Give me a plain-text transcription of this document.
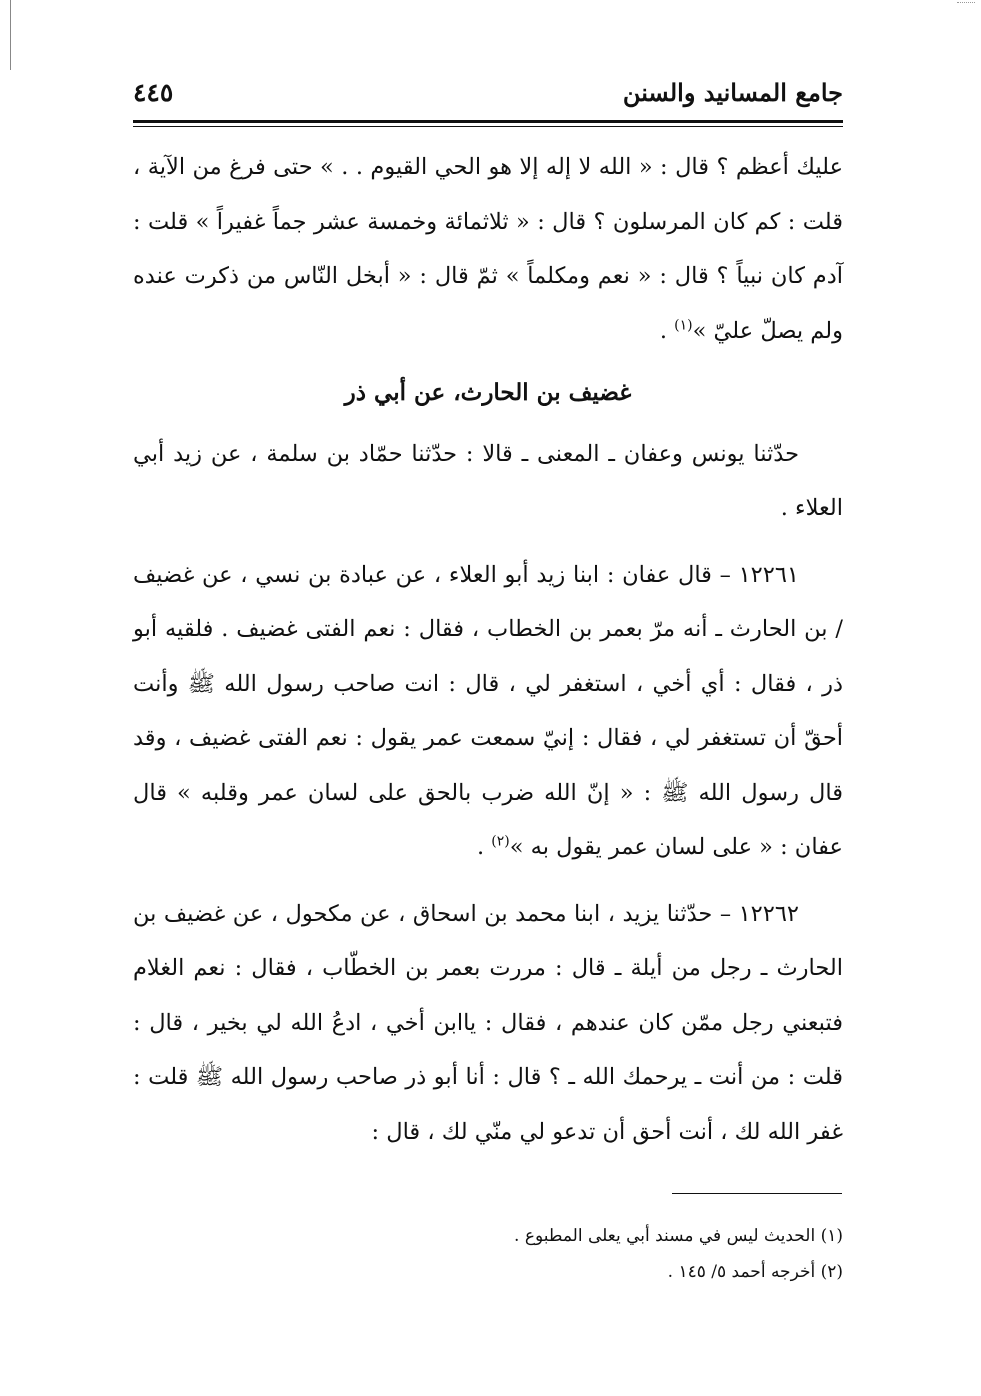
جامع المسانيد والسنن
٤٤٥

عليك أعظم ؟ قال : « الله لا إله إلا هو الحي القيوم . . » حتى فرغ من الآية ، قلت : كم كان المرسلون ؟ قال : « ثلاثمائة وخمسة عشر جماً غفيراً » قلت : آدم كان نبياً ؟ قال : « نعم ومكلماً » ثمّ قال : « أبخل النّاس من ذكرت عنده ولم يصلّ عليّ »$^{(١)}$ .

غضيف بن الحارث، عن أبي ذر

حدّثنا يونس وعفان ـ المعنى ـ قالا : حدّثنا حمّاد بن سلمة ، عن زيد أبي العلاء .

١٢٢٦١ – قال عفان : ابنا زيد أبو العلاء ، عن عبادة بن نسي ، عن غضيف / بن الحارث ـ أنه مرّ بعمر بن الخطاب ، فقال : نعم الفتى غضيف . فلقيه أبو ذر ، فقال : أي أخي ، استغفر لي ، قال : انت صاحب رسول الله ﷺ وأنت أحقّ أن تستغفر لي ، فقال : إنيّ سمعت عمر يقول : نعم الفتى غضيف ، وقد قال رسول الله ﷺ : « إنّ الله ضرب بالحق على لسان عمر وقلبه » قال عفان : « على لسان عمر يقول به »$^{(٢)}$ .

١٢٢٦٢ – حدّثنا يزيد ، ابنا محمد بن اسحاق ، عن مكحول ، عن غضيف بن الحارث ـ رجل من أيلة ـ قال : مررت بعمر بن الخطّاب ، فقال : نعم الغلام فتبعني رجل ممّن كان عندهم ، فقال : ياابن أخي ، ادعُ الله لي بخير ، قال : قلت : من أنت ـ يرحمك الله ـ ؟ قال : أنا أبو ذر صاحب رسول الله ﷺ قلت : غفر الله لك ، أنت أحق أن تدعو لي منّي لك ، قال :

(١) الحديث ليس في مسند أبي يعلى المطبوع .

(٢) أخرجه أحمد ٥/ ١٤٥ .
